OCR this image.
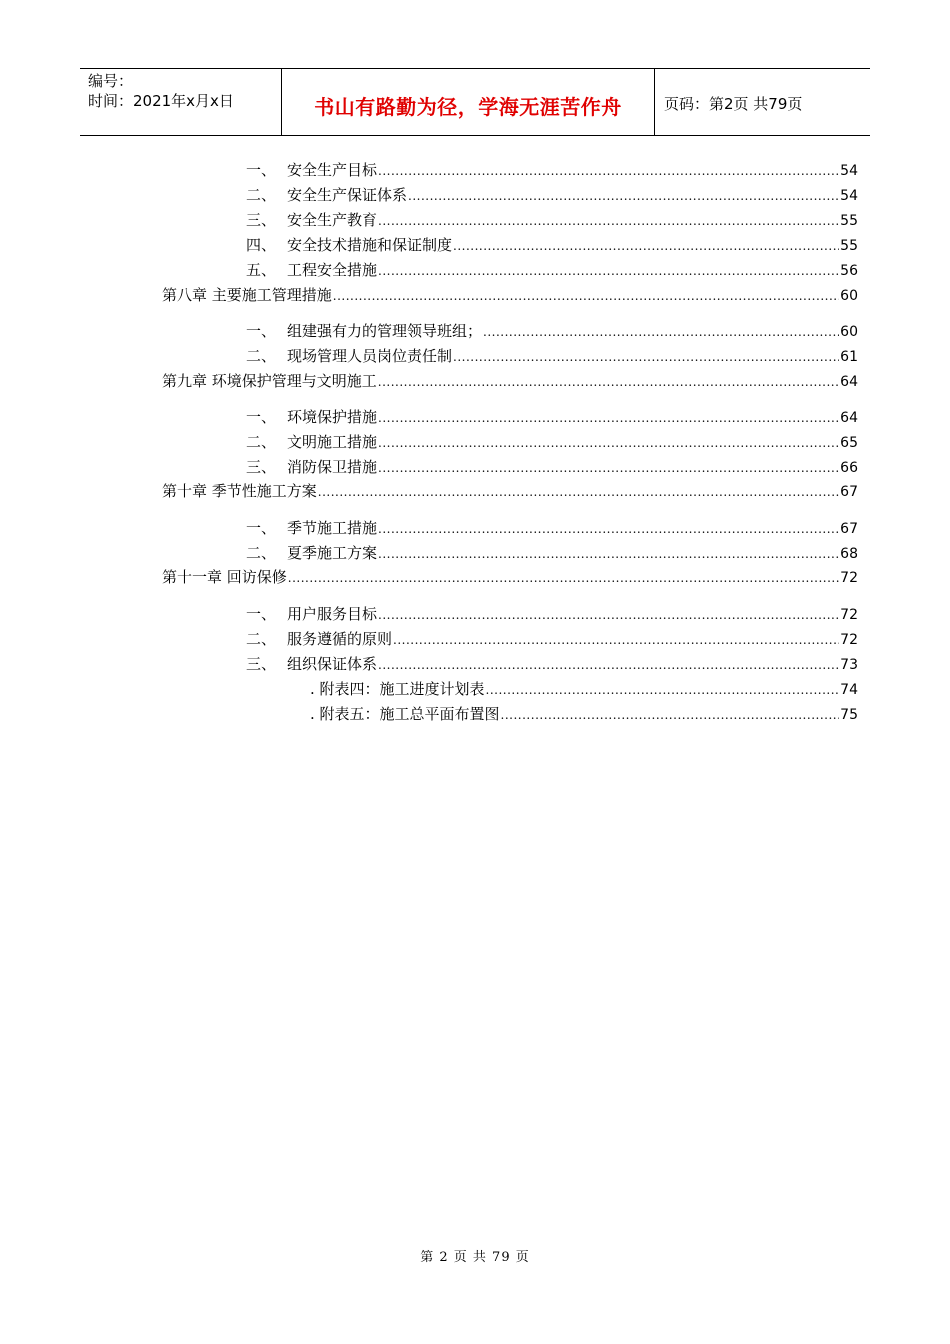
编号：
时间：2021年x月x日	书山有路勤为径，学海无涯苦作舟	页码：第2页 共79页
一、 安全生产目标 .....	54
二、 安全生产保证体系 .....	54
三、 安全生产教育 .....	55
四、 安全技术措施和保证制度 .....	55
五、 工程安全措施 .....	56
第八章 主要施工管理措施 .....	60
一、 组建强有力的管理领导班组； .....	60
二、 现场管理人员岗位责任制 .....	61
第九章 环境保护管理与文明施工 .....	64
一、 环境保护措施 .....	64
二、 文明施工措施 .....	65
三、 消防保卫措施 .....	66
第十章 季节性施工方案 .....	67
一、 季节施工措施 .....	67
二、 夏季施工方案 .....	68
第十一章 回访保修 .....	72
一、 用户服务目标 .....	72
二、 服务遵循的原则 .....	72
三、 组织保证体系 .....	73
. 附表四：施工进度计划表 .....	74
. 附表五：施工总平面布置图 .....	75
第 2 页 共 79 页
